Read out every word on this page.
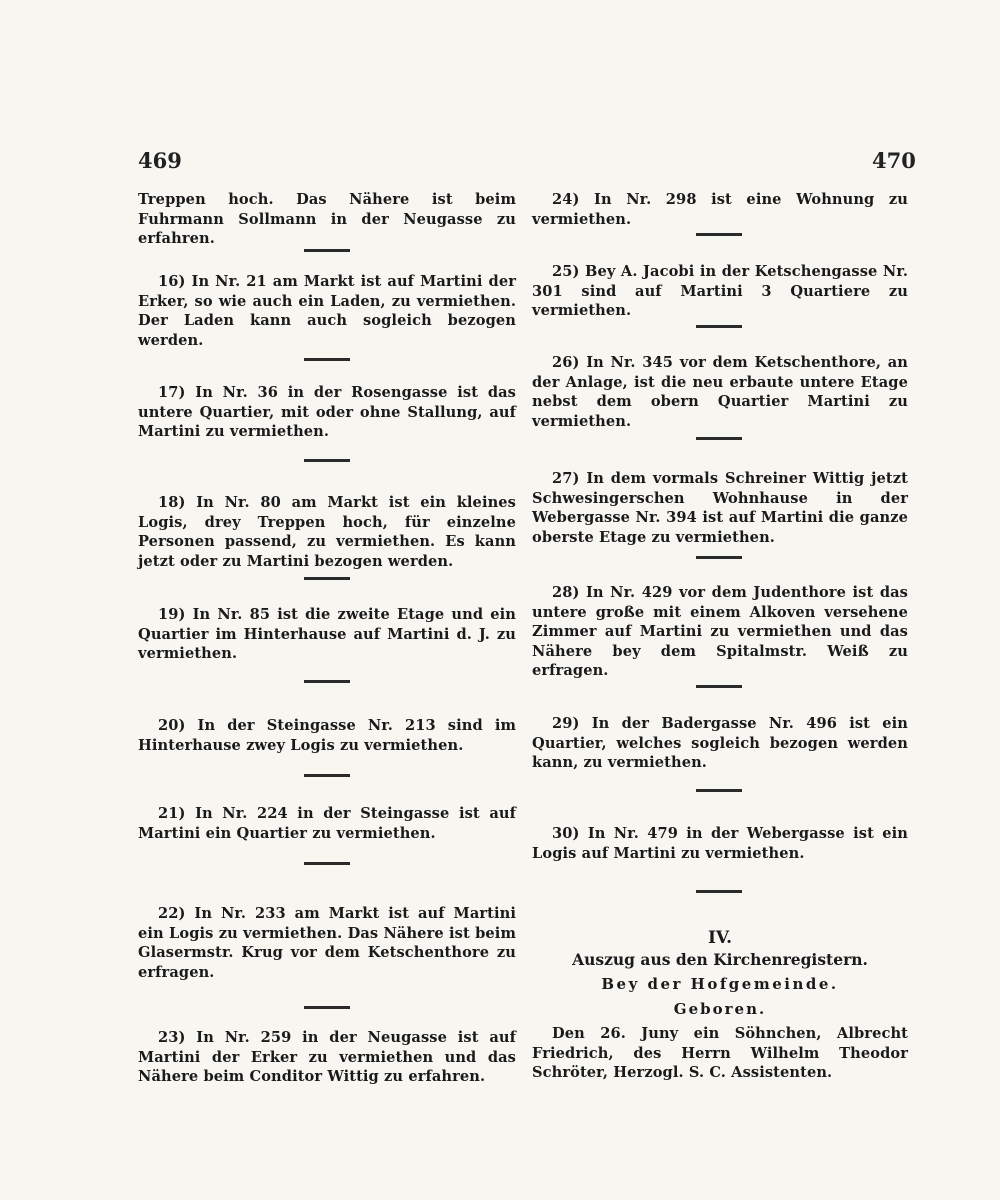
469	470
Treppen hoch. Das Nähere ist beim Fuhrmann Sollmann in der Neugasse zu erfahren.
16) In Nr. 21 am Markt ist auf Martini der Erker, so wie auch ein Laden, zu vermiethen. Der Laden kann auch sogleich bezogen werden.
17) In Nr. 36 in der Rosengasse ist das untere Quartier, mit oder ohne Stallung, auf Martini zu vermiethen.
18) In Nr. 80 am Markt ist ein kleines Logis, drey Treppen hoch, für einzelne Personen passend, zu vermiethen. Es kann jetzt oder zu Martini bezogen werden.
19) In Nr. 85 ist die zweite Etage und ein Quartier im Hinterhause auf Martini d. J. zu vermiethen.
20) In der Steingasse Nr. 213 sind im Hinterhause zwey Logis zu vermiethen.
21) In Nr. 224 in der Steingasse ist auf Martini ein Quartier zu vermiethen.
22) In Nr. 233 am Markt ist auf Martini ein Logis zu vermiethen. Das Nähere ist beim Glasermstr. Krug vor dem Ketschenthore zu erfragen.
23) In Nr. 259 in der Neugasse ist auf Martini der Erker zu vermiethen und das Nähere beim Conditor Wittig zu erfahren.
24) In Nr. 298 ist eine Wohnung zu vermiethen.
25) Bey A. Jacobi in der Ketschengasse Nr. 301 sind auf Martini 3 Quartiere zu vermiethen.
26) In Nr. 345 vor dem Ketschenthore, an der Anlage, ist die neu erbaute untere Etage nebst dem obern Quartier Martini zu vermiethen.
27) In dem vormals Schreiner Wittig jetzt Schwesingerschen Wohnhause in der Webergasse Nr. 394 ist auf Martini die ganze oberste Etage zu vermiethen.
28) In Nr. 429 vor dem Judenthore ist das untere große mit einem Alkoven versehene Zimmer auf Martini zu vermiethen und das Nähere bey dem Spitalmstr. Weiß zu erfragen.
29) In der Badergasse Nr. 496 ist ein Quartier, welches sogleich bezogen werden kann, zu vermiethen.
30) In Nr. 479 in der Webergasse ist ein Logis auf Martini zu vermiethen.
IV.
Auszug aus den Kirchenregistern.
Bey der Hofgemeinde.
Geboren.
Den 26. Juny ein Söhnchen, Albrecht Friedrich, des Herrn Wilhelm Theodor Schröter, Herzogl. S. C. Assistenten.
